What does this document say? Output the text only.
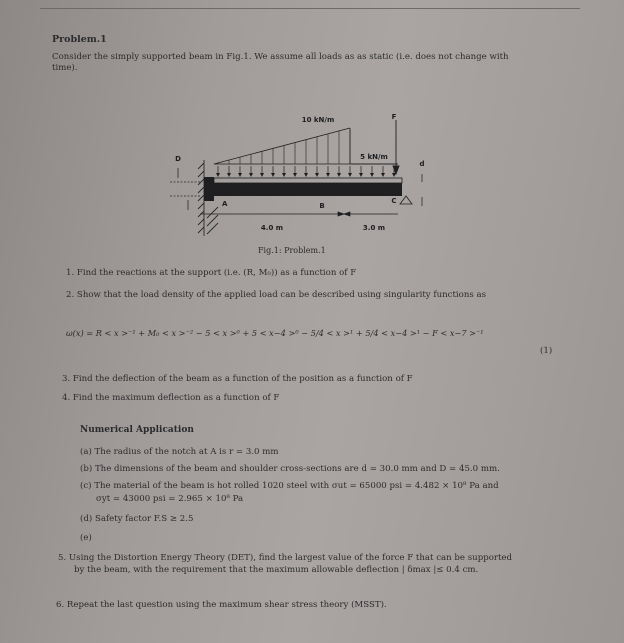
Problem.1
Consider the simply supported beam in Fig.1. We assume all loads as as static (i.e. does not change with
time).
D
10 kN/m
5 kN/m
F
d
A	B
C
4.0 m	3.0 m
Fig.1: Problem.1
1. Find the reactions at the support (i.e. (R, M₀)) as a function of F
2. Show that the load density of the applied load can be described using singularity functions as
ω(x) = R < x >⁻¹ + M₀ < x >⁻² − 5 < x >⁰ + 5 < x−4 >⁰ − 5/4 < x >¹ + 5/4 < x−4 >¹ − F < x−7 >⁻¹
(1)
3. Find the deflection of the beam as a function of the position as a function of F
4. Find the maximum deflection as a function of F
Numerical Application
(a) The radius of the notch at A is r = 3.0 mm
(b) The dimensions of the beam and shoulder cross-sections are d = 30.0 mm and D = 45.0 mm.
(c) The material of the beam is hot rolled 1020 steel with σut = 65000 psi = 4.482 × 10⁸ Pa and
σyt = 43000 psi = 2.965 × 10⁸ Pa
(d) Safety factor F.S ≥ 2.5
(e)
5. Using the Distortion Energy Theory (DET), find the largest value of the force F that can be supported
by the beam, with the requirement that the maximum allowable deflection | δmax |≤ 0.4 cm.
6. Repeat the last question using the maximum shear stress theory (MSST).
